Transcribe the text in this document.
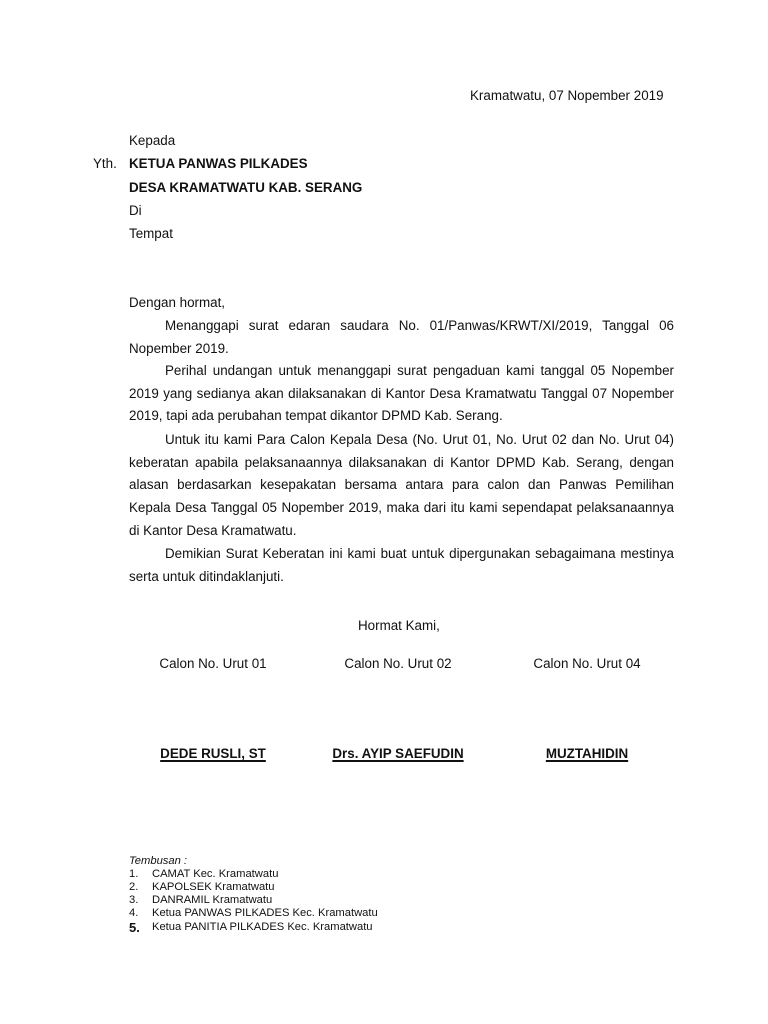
Kramatwatu, 07 Nopember 2019
Kepada
Yth. KETUA PANWAS PILKADES
DESA KRAMATWATU KAB. SERANG
Di
Tempat
Dengan hormat,
Menanggapi surat edaran saudara No. 01/Panwas/KRWT/XI/2019, Tanggal 06 Nopember 2019.
Perihal undangan untuk menanggapi surat pengaduan kami tanggal 05 Nopember 2019 yang sedianya akan dilaksanakan di Kantor Desa Kramatwatu Tanggal 07 Nopember 2019, tapi ada perubahan tempat dikantor DPMD Kab. Serang.
Untuk itu kami Para Calon Kepala Desa (No. Urut 01, No. Urut 02 dan No. Urut 04) keberatan apabila pelaksanaannya dilaksanakan di Kantor DPMD Kab. Serang, dengan alasan berdasarkan kesepakatan bersama antara para calon dan Panwas Pemilihan Kepala Desa Tanggal 05 Nopember 2019, maka dari itu kami sependapat pelaksanaannya di Kantor Desa Kramatwatu.
Demikian Surat Keberatan ini kami buat untuk dipergunakan sebagaimana mestinya serta untuk ditindaklanjuti.
Hormat Kami,
Calon No. Urut 01
DEDE RUSLI, ST
Calon No. Urut 02
Drs. AYIP SAEFUDIN
Calon No. Urut 04
MUZTAHIDIN
Tembusan :
1. CAMAT Kec. Kramatwatu
2. KAPOLSEK Kramatwatu
3. DANRAMIL Kramatwatu
4. Ketua PANWAS PILKADES Kec. Kramatwatu
5. Ketua PANITIA PILKADES Kec. Kramatwatu
